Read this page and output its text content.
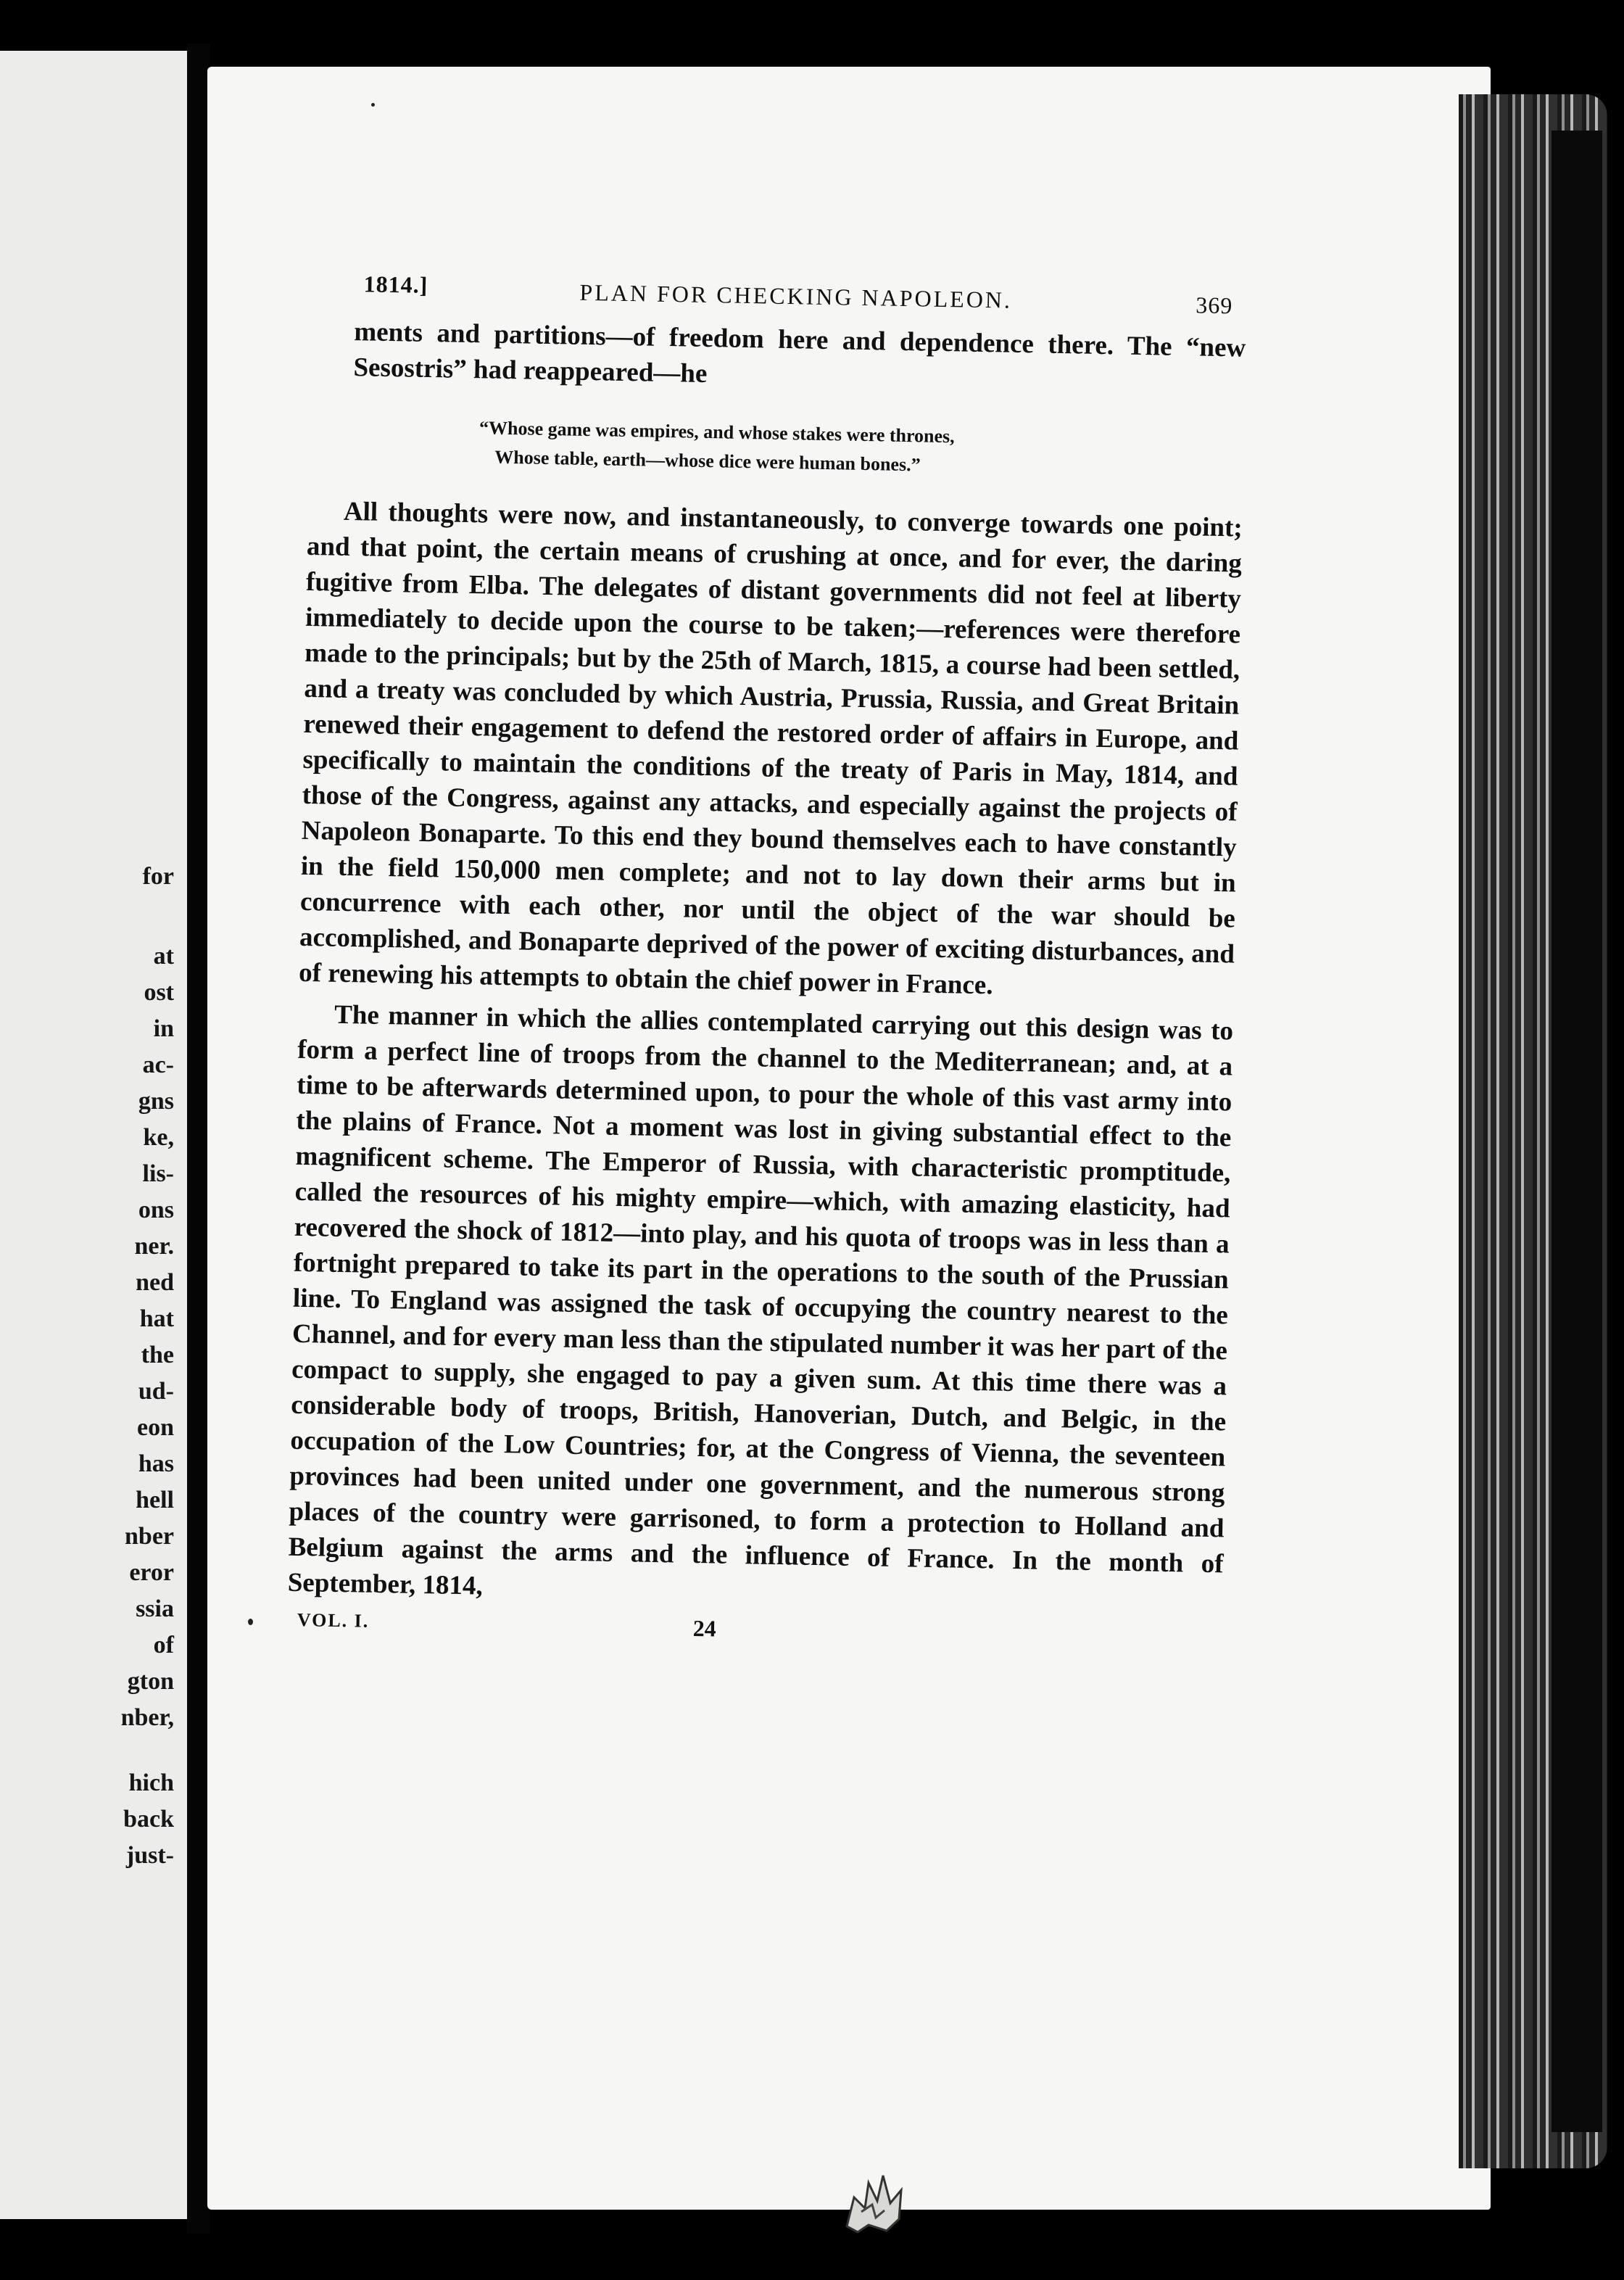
for
at
ost
in
ac-
gns
ke,
lis-
ons
ner.
ned
hat
the
ud-
eon
has
hell
nber
eror
ssia
of
gton
nber,
hich
back
just-
1814.]	PLAN FOR CHECKING NAPOLEON.	369

ments and partitions—of freedom here and dependence there. The “new Sesostris” had reappeared—he

“Whose game was empires, and whose stakes were thrones,
Whose table, earth—whose dice were human bones.”

All thoughts were now, and instantaneously, to converge towards one point; and that point, the certain means of crushing at once, and for ever, the daring fugitive from Elba. The delegates of distant governments did not feel at liberty immediately to decide upon the course to be taken;—references were therefore made to the principals; but by the 25th of March, 1815, a course had been settled, and a treaty was concluded by which Austria, Prussia, Russia, and Great Britain renewed their engagement to defend the restored order of affairs in Europe, and specifically to maintain the conditions of the treaty of Paris in May, 1814, and those of the Congress, against any attacks, and especially against the projects of Napoleon Bonaparte. To this end they bound themselves each to have constantly in the field 150,000 men complete; and not to lay down their arms but in concurrence with each other, nor until the object of the war should be accomplished, and Bonaparte deprived of the power of exciting disturbances, and of renewing his attempts to obtain the chief power in France.

The manner in which the allies contemplated carrying out this design was to form a perfect line of troops from the channel to the Mediterranean; and, at a time to be afterwards determined upon, to pour the whole of this vast army into the plains of France. Not a moment was lost in giving substantial effect to the magnificent scheme. The Emperor of Russia, with characteristic promptitude, called the resources of his mighty empire—which, with amazing elasticity, had recovered the shock of 1812—into play, and his quota of troops was in less than a fortnight prepared to take its part in the operations to the south of the Prussian line. To England was assigned the task of occupying the country nearest to the Channel, and for every man less than the stipulated number it was her part of the compact to supply, she engaged to pay a given sum. At this time there was a considerable body of troops, British, Hanoverian, Dutch, and Belgic, in the occupation of the Low Countries; for, at the Congress of Vienna, the seventeen provinces had been united under one government, and the numerous strong places of the country were garrisoned, to form a protection to Holland and Belgium against the arms and the influence of France. In the month of September, 1814,

VOL. I.	24
